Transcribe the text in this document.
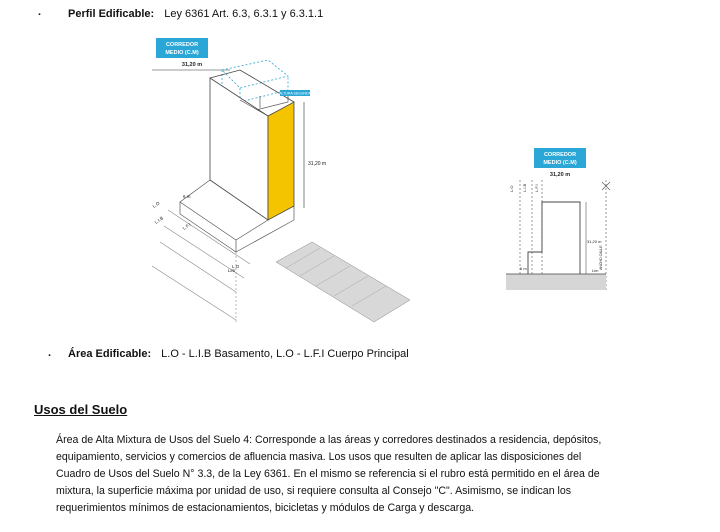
. Perfil Edificable: Ley 6361 Art. 6.3, 6.3.1 y 6.3.1.1
CORREDOR
MEDIO (C.M)
31,20 m
ALTURA SEGUNDA
31,20 m
6 m
L.O
L.I.B
L.F.I
Lim
L.O
CORREDOR
MEDIO (C.M)
31,20 m
L.O L.I.B L.F.I
31,20 m
6 m	Lim
ANCHO CALLE
. Área Edificable: L.O - L.I.B Basamento, L.O - L.F.I Cuerpo Principal
Usos del Suelo
Área de Alta Mixtura de Usos del Suelo 4: Corresponde a las áreas y corredores destinados a residencia, depósitos,
equipamiento, servicios y comercios de afluencia masiva. Los usos que resulten de aplicar las disposiciones del
Cuadro de Usos del Suelo N° 3.3, de la Ley 6361. En el mismo se referencia si el rubro está permitido en el área de
mixtura, la superficie máxima por unidad de uso, si requiere consulta al Consejo "C". Asimismo, se indican los
requerimientos mínimos de estacionamientos, bicicletas y módulos de Carga y descarga.
